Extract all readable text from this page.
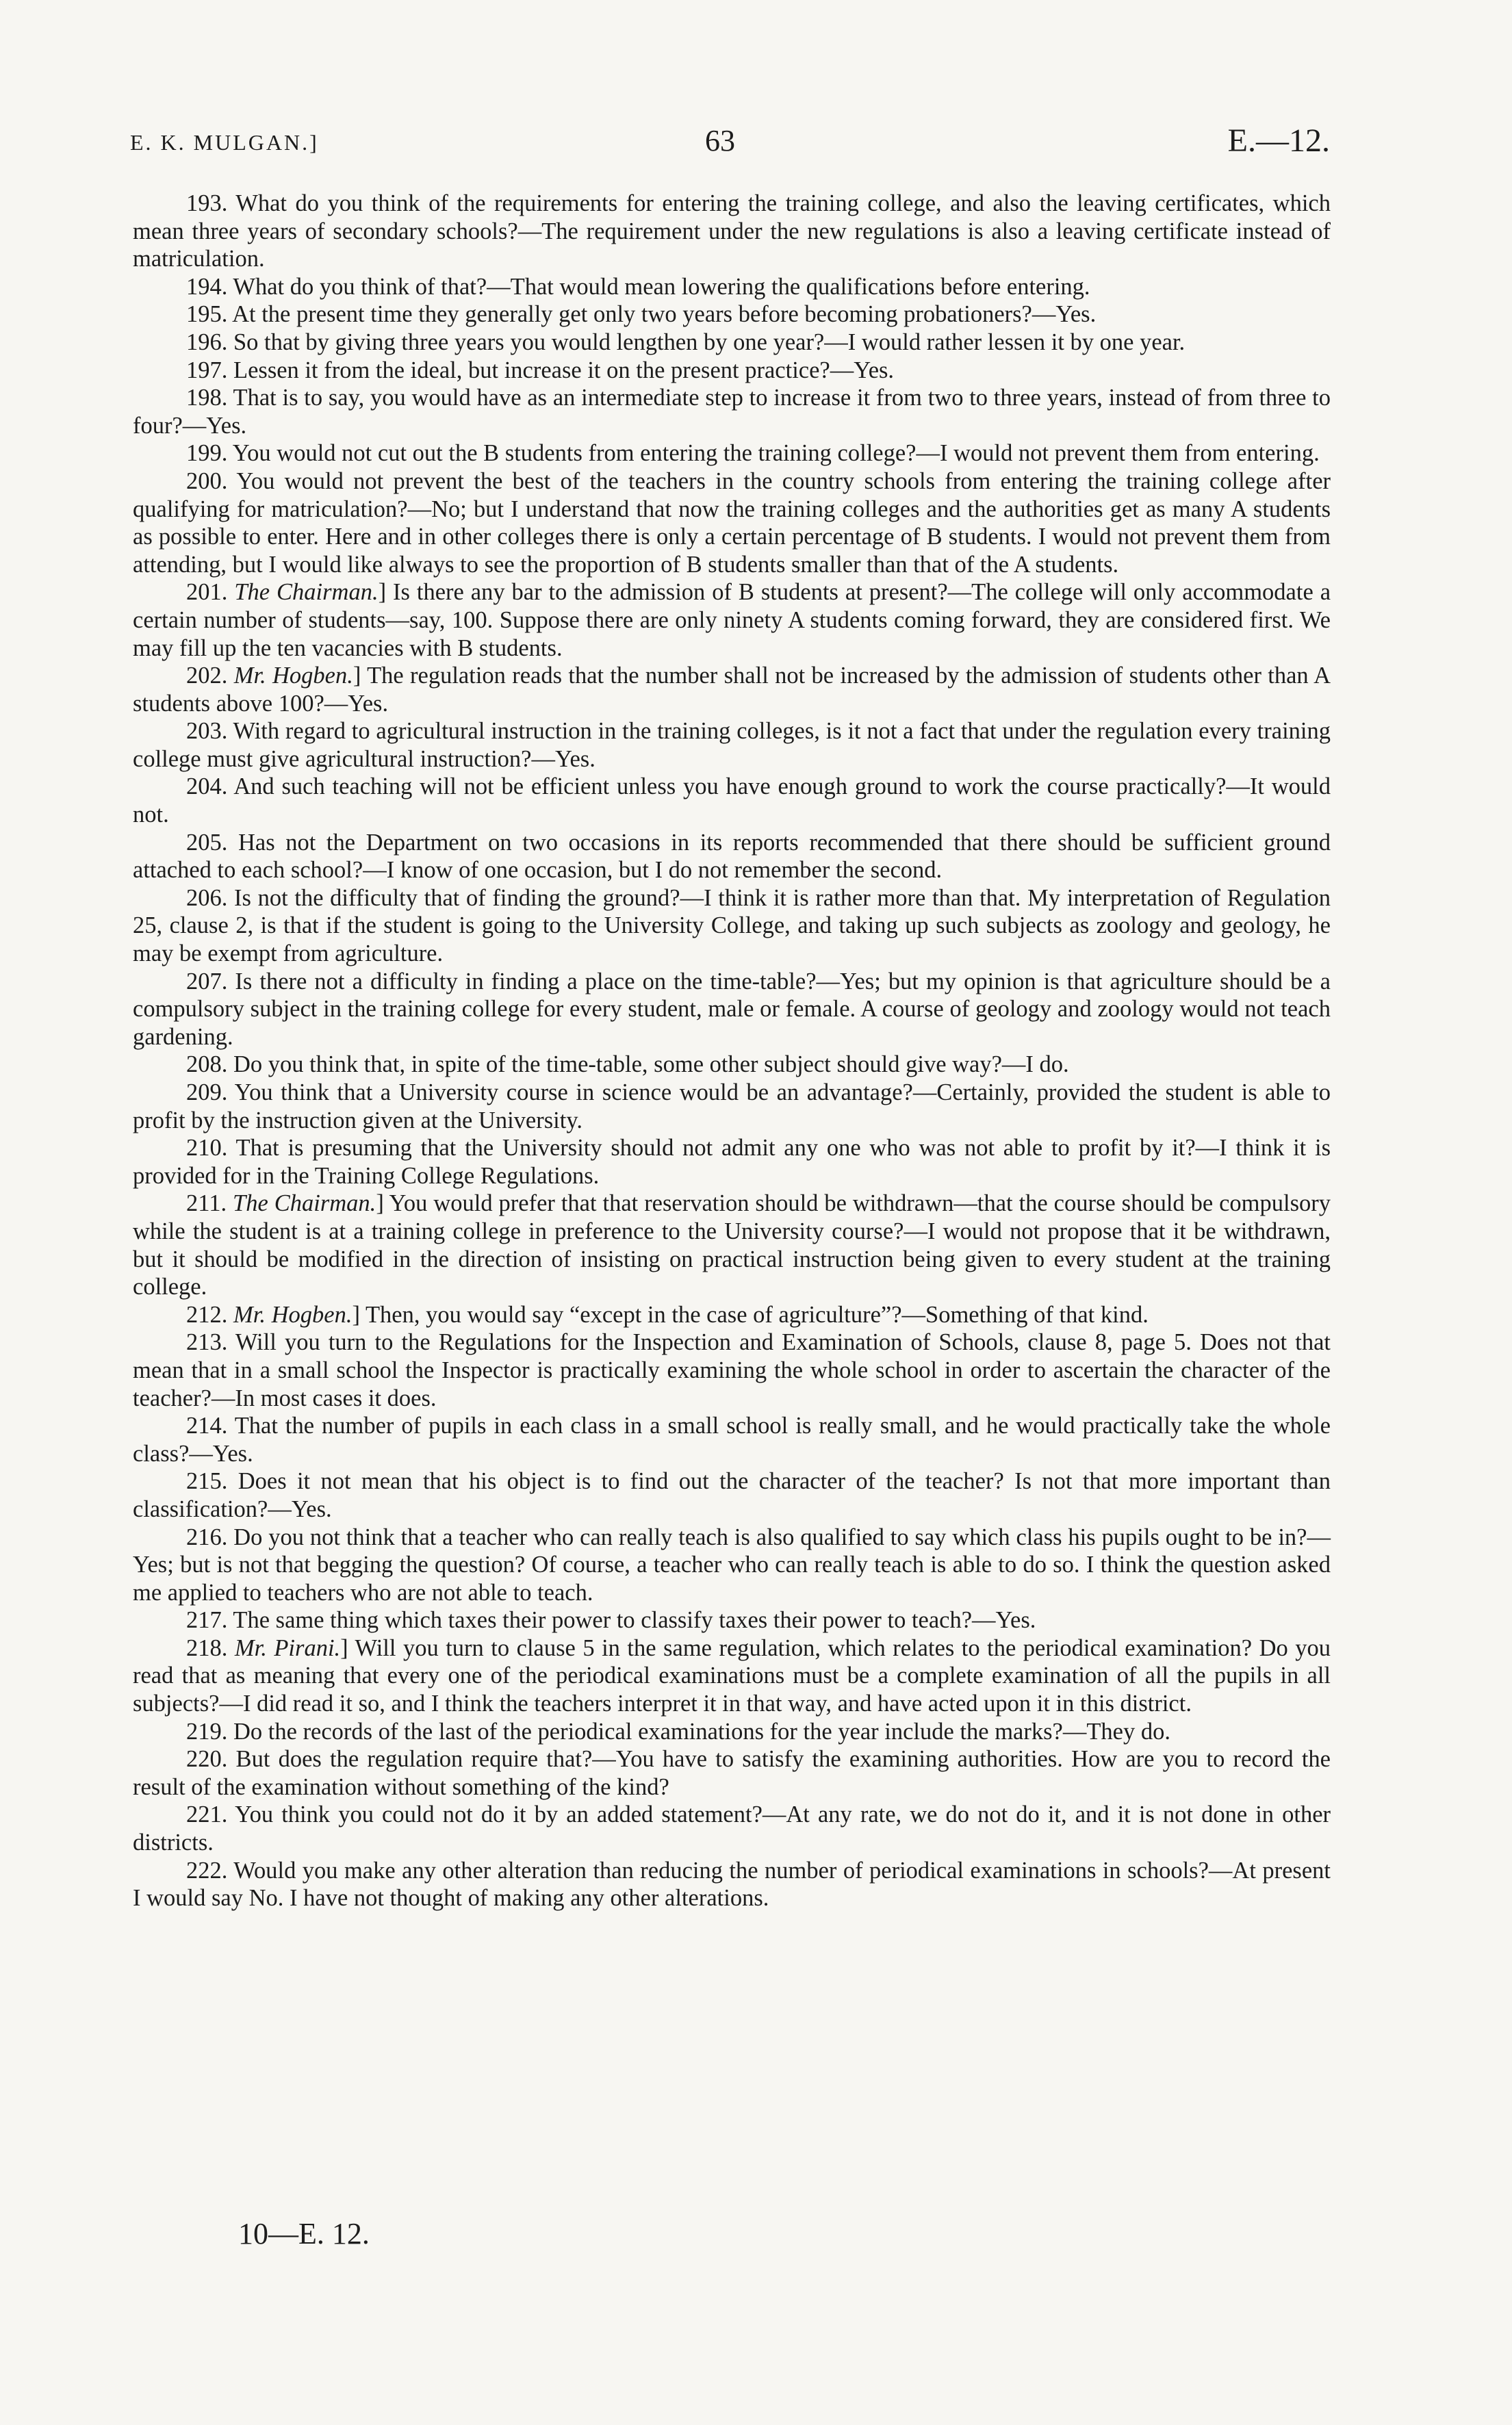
E. K. MULGAN.]	63	E.—12.

193. What do you think of the requirements for entering the training college, and also the leaving certificates, which mean three years of secondary schools?—The requirement under the new regulations is also a leaving certificate instead of matriculation.

194. What do you think of that?—That would mean lowering the qualifications before entering.

195. At the present time they generally get only two years before becoming probationers?—Yes.

196. So that by giving three years you would lengthen by one year?—I would rather lessen it by one year.

197. Lessen it from the ideal, but increase it on the present practice?—Yes.

198. That is to say, you would have as an intermediate step to increase it from two to three years, instead of from three to four?—Yes.

199. You would not cut out the B students from entering the training college?—I would not prevent them from entering.

200. You would not prevent the best of the teachers in the country schools from entering the training college after qualifying for matriculation?—No; but I understand that now the training colleges and the authorities get as many A students as possible to enter. Here and in other colleges there is only a certain percentage of B students. I would not prevent them from attending, but I would like always to see the proportion of B students smaller than that of the A students.

201. The Chairman.] Is there any bar to the admission of B students at present?—The college will only accommodate a certain number of students—say, 100. Suppose there are only ninety A students coming forward, they are considered first. We may fill up the ten vacancies with B students.

202. Mr. Hogben.] The regulation reads that the number shall not be increased by the admission of students other than A students above 100?—Yes.

203. With regard to agricultural instruction in the training colleges, is it not a fact that under the regulation every training college must give agricultural instruction?—Yes.

204. And such teaching will not be efficient unless you have enough ground to work the course practically?—It would not.

205. Has not the Department on two occasions in its reports recommended that there should be sufficient ground attached to each school?—I know of one occasion, but I do not remember the second.

206. Is not the difficulty that of finding the ground?—I think it is rather more than that. My interpretation of Regulation 25, clause 2, is that if the student is going to the University College, and taking up such subjects as zoology and geology, he may be exempt from agriculture.

207. Is there not a difficulty in finding a place on the time-table?—Yes; but my opinion is that agriculture should be a compulsory subject in the training college for every student, male or female. A course of geology and zoology would not teach gardening.

208. Do you think that, in spite of the time-table, some other subject should give way?—I do.

209. You think that a University course in science would be an advantage?—Certainly, provided the student is able to profit by the instruction given at the University.

210. That is presuming that the University should not admit any one who was not able to profit by it?—I think it is provided for in the Training College Regulations.

211. The Chairman.] You would prefer that that reservation should be withdrawn—that the course should be compulsory while the student is at a training college in preference to the University course?—I would not propose that it be withdrawn, but it should be modified in the direction of insisting on practical instruction being given to every student at the training college.

212. Mr. Hogben.] Then, you would say “except in the case of agriculture”?—Something of that kind.

213. Will you turn to the Regulations for the Inspection and Examination of Schools, clause 8, page 5. Does not that mean that in a small school the Inspector is practically examining the whole school in order to ascertain the character of the teacher?—In most cases it does.

214. That the number of pupils in each class in a small school is really small, and he would practically take the whole class?—Yes.

215. Does it not mean that his object is to find out the character of the teacher? Is not that more important than classification?—Yes.

216. Do you not think that a teacher who can really teach is also qualified to say which class his pupils ought to be in?—Yes; but is not that begging the question? Of course, a teacher who can really teach is able to do so. I think the question asked me applied to teachers who are not able to teach.

217. The same thing which taxes their power to classify taxes their power to teach?—Yes.

218. Mr. Pirani.] Will you turn to clause 5 in the same regulation, which relates to the periodical examination? Do you read that as meaning that every one of the periodical examinations must be a complete examination of all the pupils in all subjects?—I did read it so, and I think the teachers interpret it in that way, and have acted upon it in this district.

219. Do the records of the last of the periodical examinations for the year include the marks?—They do.

220. But does the regulation require that?—You have to satisfy the examining authorities. How are you to record the result of the examination without something of the kind?

221. You think you could not do it by an added statement?—At any rate, we do not do it, and it is not done in other districts.

222. Would you make any other alteration than reducing the number of periodical examinations in schools?—At present I would say No. I have not thought of making any other alterations.

10—E. 12.
